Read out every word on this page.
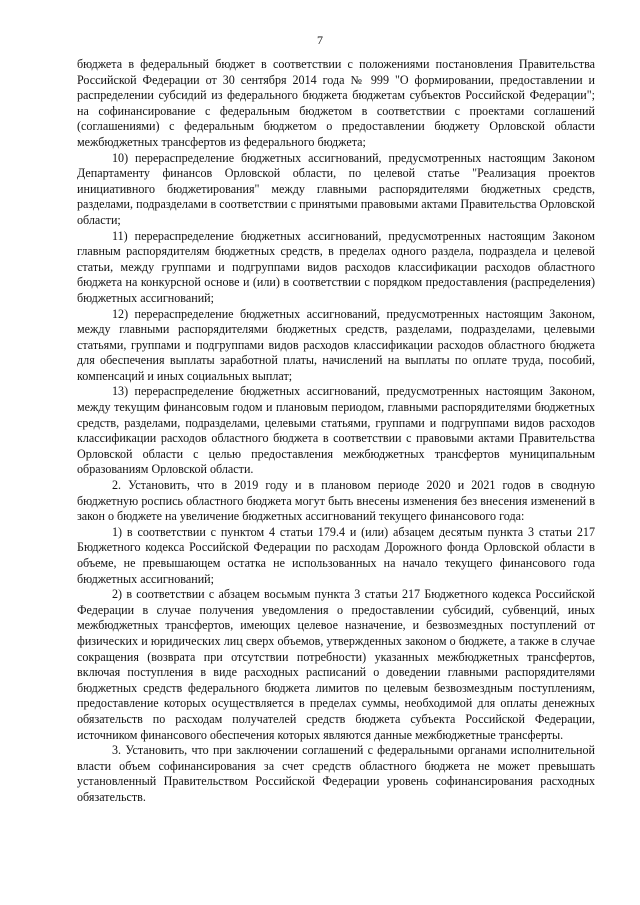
7

бюджета в федеральный бюджет в соответствии с положениями постановления Правительства Российской Федерации от 30 сентября 2014 года № 999 "О формировании, предоставлении и распределении субсидий из федерального бюджета бюджетам субъектов Российской Федерации"; на софинансирование с федеральным бюджетом в соответствии с проектами соглашений (соглашениями) с федеральным бюджетом о предоставлении бюджету Орловской области межбюджетных трансфертов из федерального бюджета;

10) перераспределение бюджетных ассигнований, предусмотренных настоящим Законом Департаменту финансов Орловской области, по целевой статье "Реализация проектов инициативного бюджетирования" между главными распорядителями бюджетных средств, разделами, подразделами в соответствии с принятыми правовыми актами Правительства Орловской области;

11) перераспределение бюджетных ассигнований, предусмотренных настоящим Законом главным распорядителям бюджетных средств, в пределах одного раздела, подраздела и целевой статьи, между группами и подгруппами видов расходов классификации расходов областного бюджета на конкурсной основе и (или) в соответствии с порядком предоставления (распределения) бюджетных ассигнований;

12) перераспределение бюджетных ассигнований, предусмотренных настоящим Законом, между главными распорядителями бюджетных средств, разделами, подразделами, целевыми статьями, группами и подгруппами видов расходов классификации расходов областного бюджета для обеспечения выплаты заработной платы, начислений на выплаты по оплате труда, пособий, компенсаций и иных социальных выплат;

13) перераспределение бюджетных ассигнований, предусмотренных настоящим Законом, между текущим финансовым годом и плановым периодом, главными распорядителями бюджетных средств, разделами, подразделами, целевыми статьями, группами и подгруппами видов расходов классификации расходов областного бюджета в соответствии с правовыми актами Правительства Орловской области с целью предоставления межбюджетных трансфертов муниципальным образованиям Орловской области.

2. Установить, что в 2019 году и в плановом периоде 2020 и 2021 годов в сводную бюджетную роспись областного бюджета могут быть внесены изменения без внесения изменений в закон о бюджете на увеличение бюджетных ассигнований текущего финансового года:

1) в соответствии с пунктом 4 статьи 179.4 и (или) абзацем десятым пункта 3 статьи 217 Бюджетного кодекса Российской Федерации по расходам Дорожного фонда Орловской области в объеме, не превышающем остатка не использованных на начало текущего финансового года бюджетных ассигнований;

2) в соответствии с абзацем восьмым пункта 3 статьи 217 Бюджетного кодекса Российской Федерации в случае получения уведомления о предоставлении субсидий, субвенций, иных межбюджетных трансфертов, имеющих целевое назначение, и безвозмездных поступлений от физических и юридических лиц сверх объемов, утвержденных законом о бюджете, а также в случае сокращения (возврата при отсутствии потребности) указанных межбюджетных трансфертов, включая поступления в виде расходных расписаний о доведении главными распорядителями бюджетных средств федерального бюджета лимитов по целевым безвозмездным поступлениям, предоставление которых осуществляется в пределах суммы, необходимой для оплаты денежных обязательств по расходам получателей средств бюджета субъекта Российской Федерации, источником финансового обеспечения которых являются данные межбюджетные трансферты.

3. Установить, что при заключении соглашений с федеральными органами исполнительной власти объем софинансирования за счет средств областного бюджета не может превышать установленный Правительством Российской Федерации уровень софинансирования расходных обязательств.
